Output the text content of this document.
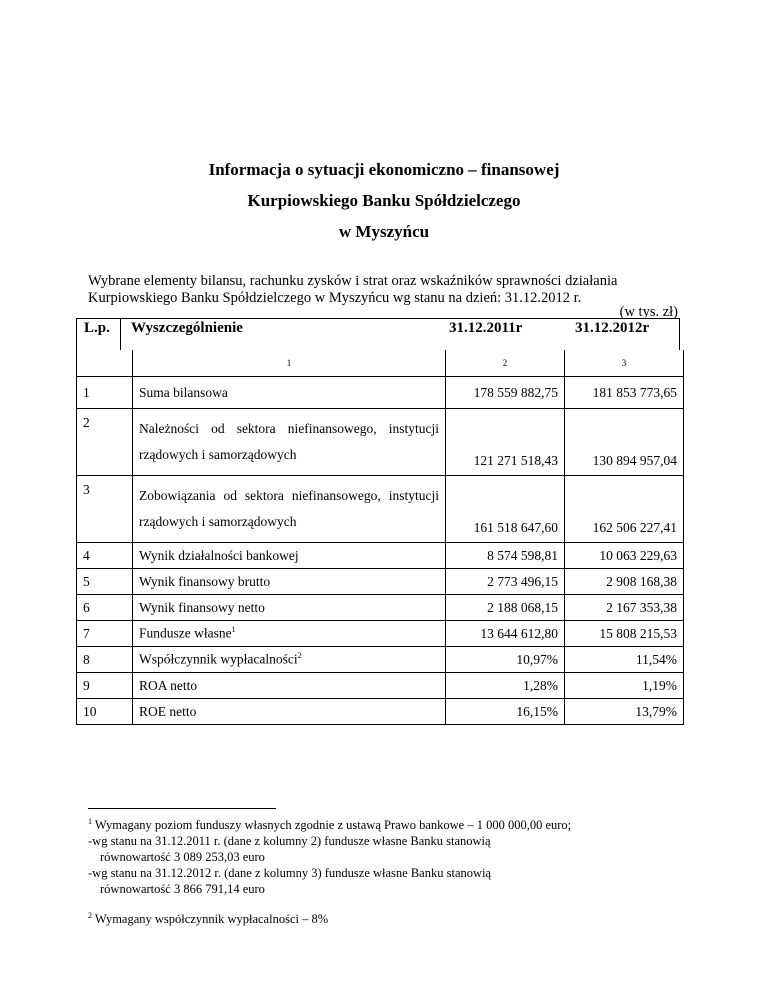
Informacja o sytuacji ekonomiczno – finansowej
Kurpiowskiego Banku Spółdzielczego
w Myszyńcu
Wybrane elementy bilansu, rachunku zysków i strat oraz wskaźników sprawności działania
Kurpiowskiego Banku Spółdzielczego w Myszyńcu wg stanu na dzień: 31.12.2012 r.
(w tys. zł)
L.p. Wyszczególnienie	31.12.2011r	31.12.2012r
	1	2	3
1	Suma bilansowa	178 559 882,75	181 853 773,65
2	Należności od sektora niefinansowego, instytucji
rządowych i samorządowych	121 271 518,43	130 894 957,04
3	Zobowiązania od sektora niefinansowego, instytucji
rządowych i samorządowych	161 518 647,60	162 506 227,41
4	Wynik działalności bankowej	8 574 598,81	10 063 229,63
5	Wynik finansowy brutto	2 773 496,15	2 908 168,38
6	Wynik finansowy netto	2 188 068,15	2 167 353,38
7	Fundusze własne$^1$	13 644 612,80	15 808 215,53
8	Współczynnik wypłacalności$^2$	10,97%	11,54%
9	ROA netto	1,28%	1,19%
10	ROE netto	16,15%	13,79%
$^1$ Wymagany poziom funduszy własnych zgodnie z ustawą Prawo bankowe – 1 000 000,00 euro;
-wg stanu na 31.12.2011 r. (dane z kolumny 2) fundusze własne Banku stanowią
równowartość 3 089 253,03 euro
-wg stanu na 31.12.2012 r. (dane z kolumny 3) fundusze własne Banku stanowią
równowartość 3 866 791,14 euro
$^2$ Wymagany współczynnik wypłacalności – 8%
